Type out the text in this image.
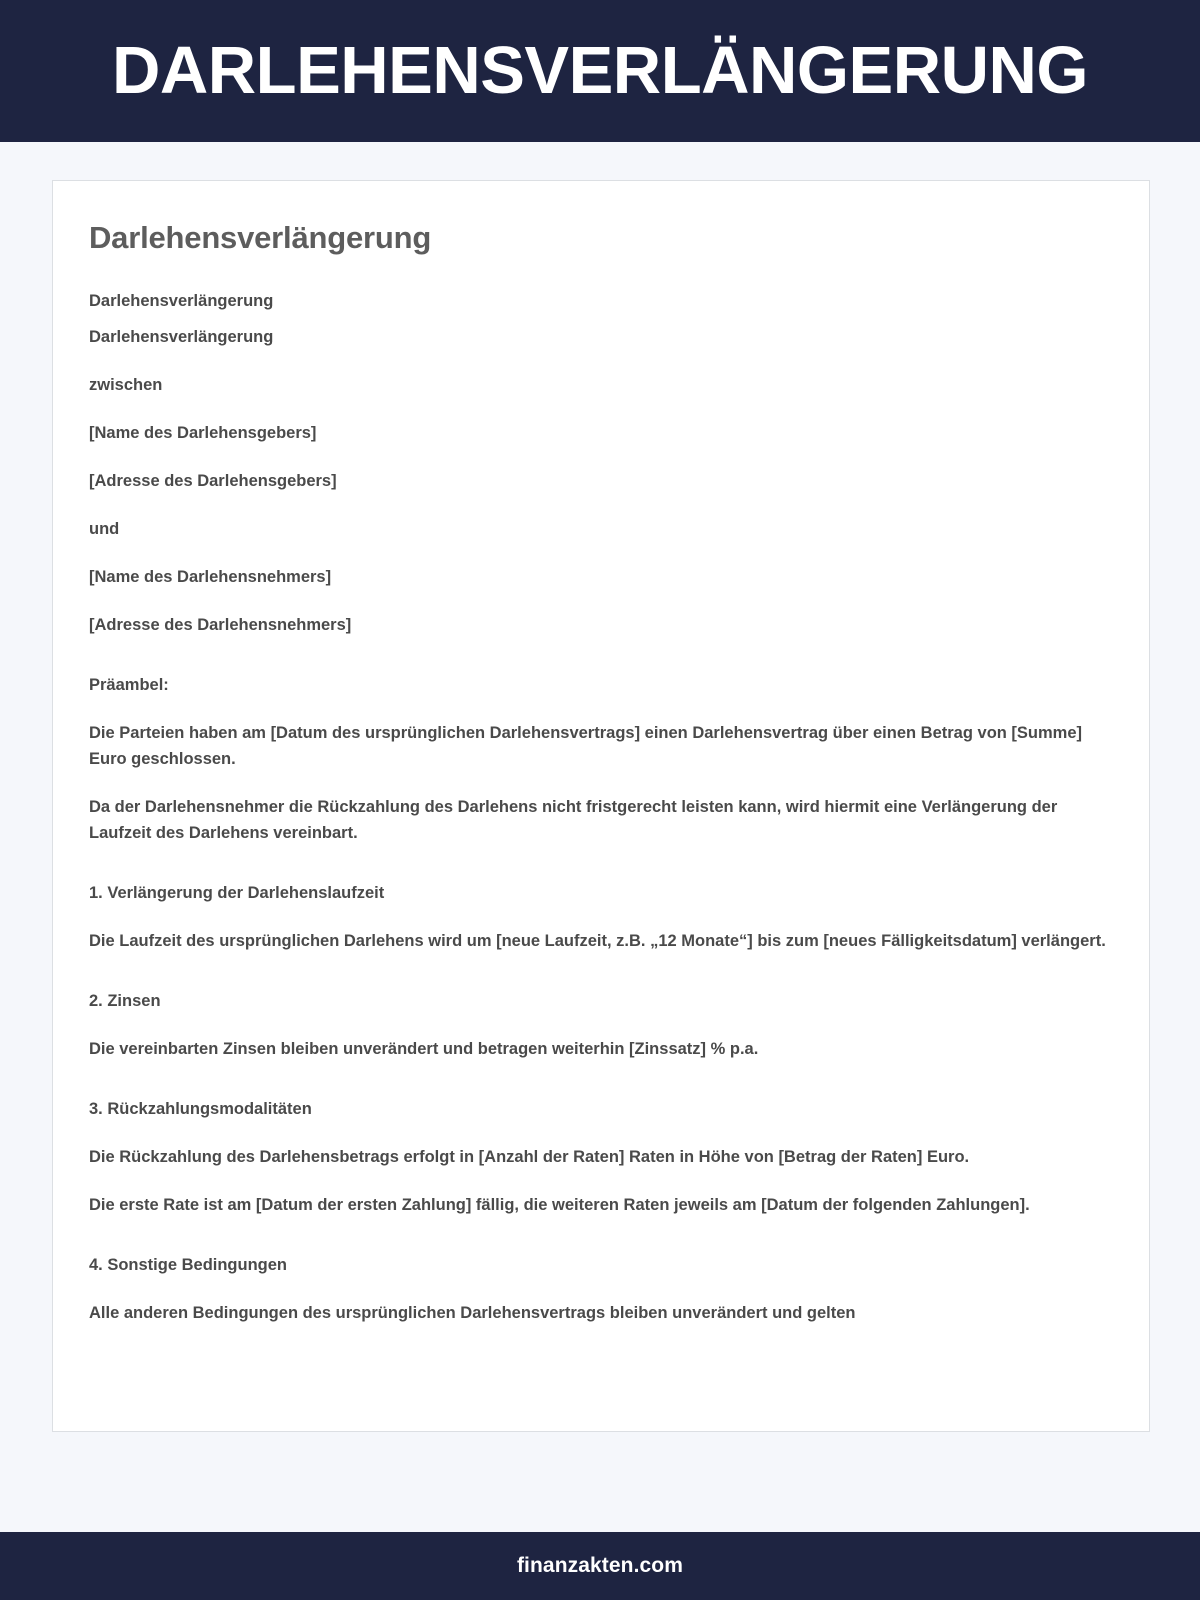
DARLEHENSVERLÄNGERUNG
Darlehensverlängerung

Darlehensverlängerung

Darlehensverlängerung

zwischen

[Name des Darlehensgebers]

[Adresse des Darlehensgebers]

und

[Name des Darlehensnehmers]

[Adresse des Darlehensnehmers]

Präambel:

Die Parteien haben am [Datum des ursprünglichen Darlehensvertrags] einen Darlehensvertrag über einen Betrag von [Summe] Euro geschlossen.

Da der Darlehensnehmer die Rückzahlung des Darlehens nicht fristgerecht leisten kann, wird hiermit eine Verlängerung der Laufzeit des Darlehens vereinbart.

1. Verlängerung der Darlehenslaufzeit

Die Laufzeit des ursprünglichen Darlehens wird um [neue Laufzeit, z.B. „12 Monate“] bis zum [neues Fälligkeitsdatum] verlängert.

2. Zinsen

Die vereinbarten Zinsen bleiben unverändert und betragen weiterhin [Zinssatz] % p.a.

3. Rückzahlungsmodalitäten

Die Rückzahlung des Darlehensbetrags erfolgt in [Anzahl der Raten] Raten in Höhe von [Betrag der Raten] Euro.

Die erste Rate ist am [Datum der ersten Zahlung] fällig, die weiteren Raten jeweils am [Datum der folgenden Zahlungen].

4. Sonstige Bedingungen

Alle anderen Bedingungen des ursprünglichen Darlehensvertrags bleiben unverändert und gelten

finanzakten.com
